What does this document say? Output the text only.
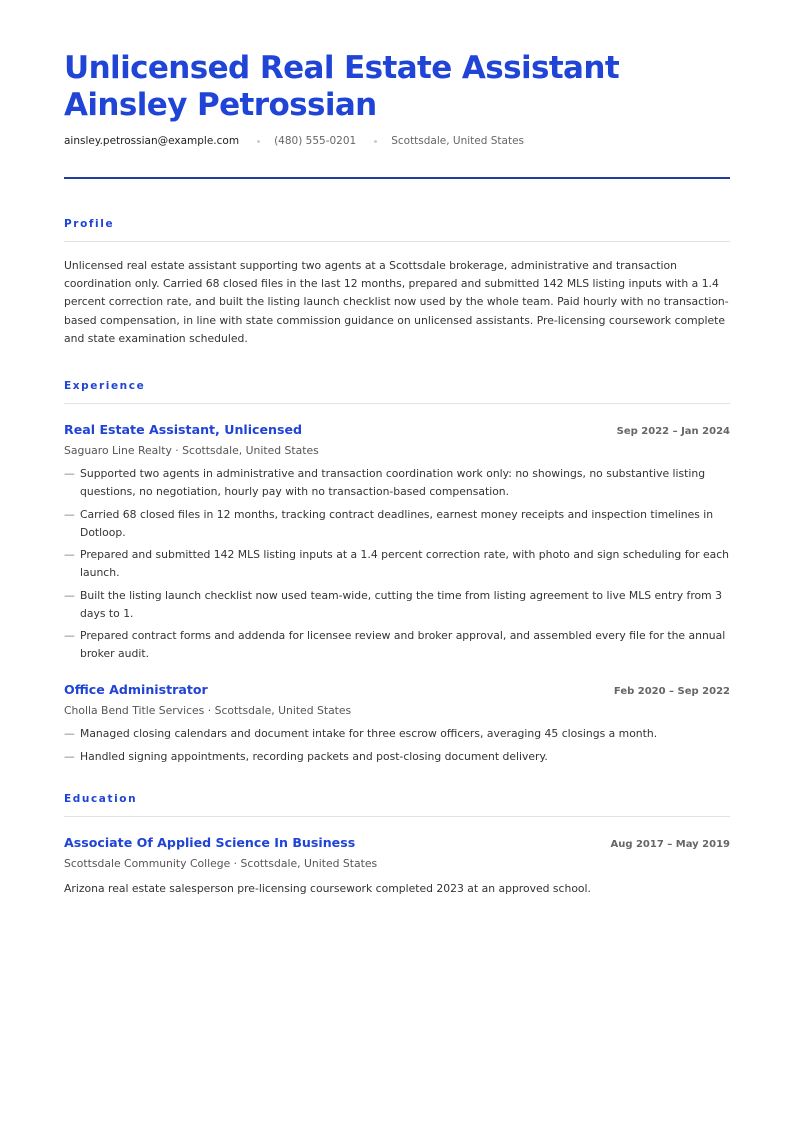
Unlicensed Real Estate Assistant Ainsley Petrossian
ainsley.petrossian@example.com	(480) 555-0201	Scottsdale, United States
Profile

Unlicensed real estate assistant supporting two agents at a Scottsdale brokerage, administrative and transaction coordination only. Carried 68 closed files in the last 12 months, prepared and submitted 142 MLS listing inputs with a 1.4 percent correction rate, and built the listing launch checklist now used by the whole team. Paid hourly with no transaction-based compensation, in line with state commission guidance on unlicensed assistants. Pre-licensing coursework complete and state examination scheduled.

Experience
Real Estate Assistant, Unlicensed	Sep 2022 – Jan 2024
Saguaro Line Realty · Scottsdale, United States
— Supported two agents in administrative and transaction coordination work only: no showings, no substantive listing questions, no negotiation, hourly pay with no transaction-based compensation.
— Carried 68 closed files in 12 months, tracking contract deadlines, earnest money receipts and inspection timelines in Dotloop.
— Prepared and submitted 142 MLS listing inputs at a 1.4 percent correction rate, with photo and sign scheduling for each launch.
— Built the listing launch checklist now used team-wide, cutting the time from listing agreement to live MLS entry from 3 days to 1.
— Prepared contract forms and addenda for licensee review and broker approval, and assembled every file for the annual broker audit.
Office Administrator	Feb 2020 – Sep 2022
Cholla Bend Title Services · Scottsdale, United States
— Managed closing calendars and document intake for three escrow officers, averaging 45 closings a month.
— Handled signing appointments, recording packets and post-closing document delivery.
Education
Associate Of Applied Science In Business	Aug 2017 – May 2019
Scottsdale Community College · Scottsdale, United States
Arizona real estate salesperson pre-licensing coursework completed 2023 at an approved school.
